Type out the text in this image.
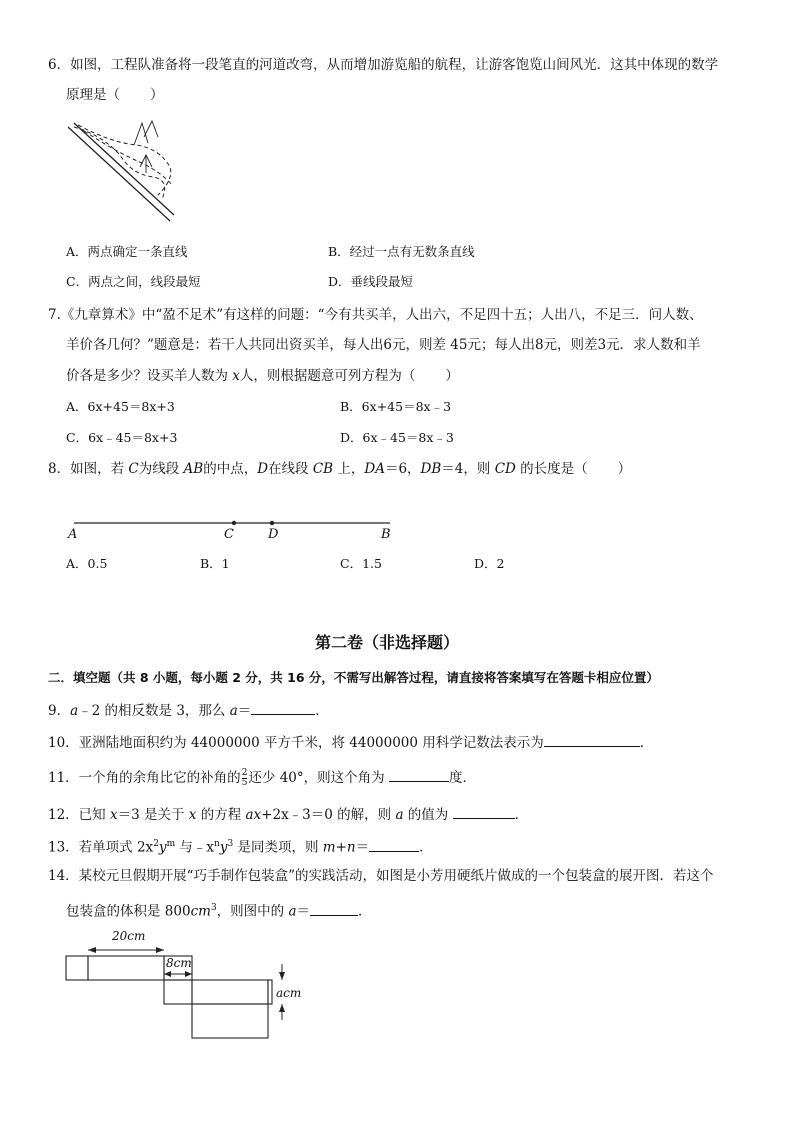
6．如图，工程队准备将一段笔直的河道改弯，从而增加游览船的航程，让游客饱览山间风光．这其中体现的数学
原理是（ ）
A．两点确定一条直线	B．经过一点有无数条直线
C．两点之间，线段最短	D．垂线段最短
7.《九章算术》中“盈不足术”有这样的问题：“今有共买羊，人出六，不足四十五；人出八，不足三．问人数、
羊价各几何？”题意是：若干人共同出资买羊，每人出6元，则差 45元；每人出8元，则差3元．求人数和羊
价各是多少？设买羊人数为 x人，则根据题意可列方程为（ ）
A．6x+45＝8x+3	B．6x+45＝8x﹣3
C．6x﹣45＝8x+3	D．6x﹣45＝8x﹣3
8．如图，若 C为线段 AB的中点，D在线段 CB 上，DA＝6，DB＝4，则 CD 的长度是（ ）
A	C	D	B
A．0.5	B．1	C．1.5	D．2
第二卷（非选择题）
二．填空题（共 8 小题，每小题 2 分，共 16 分，不需写出解答过程，请直接将答案填写在答题卡相应位置）
9．a﹣2 的相反数是 3，那么 a＝	．
10．亚洲陆地面积约为 44000000 平方千米，将 44000000 用科学记数法表示为	．
11．一个角的余角比它的补角的 $\frac{2}{5}$ 还少 40°，则这个角为	度．
12．已知 x＝3 是关于 x 的方程 ax+2x﹣3＝0 的解，则 a 的值为	．
13．若单项式 $2x^2y^m$ 与$﹣x^ny^3$ 是同类项，则 m+n＝	．
14．某校元旦假期开展“巧手制作包装盒”的实践活动，如图是小芳用硬纸片做成的一个包装盒的展开图．若这个
包装盒的体积是 $800cm^3$，则图中的 a＝	．
20cm
8cm
acm
